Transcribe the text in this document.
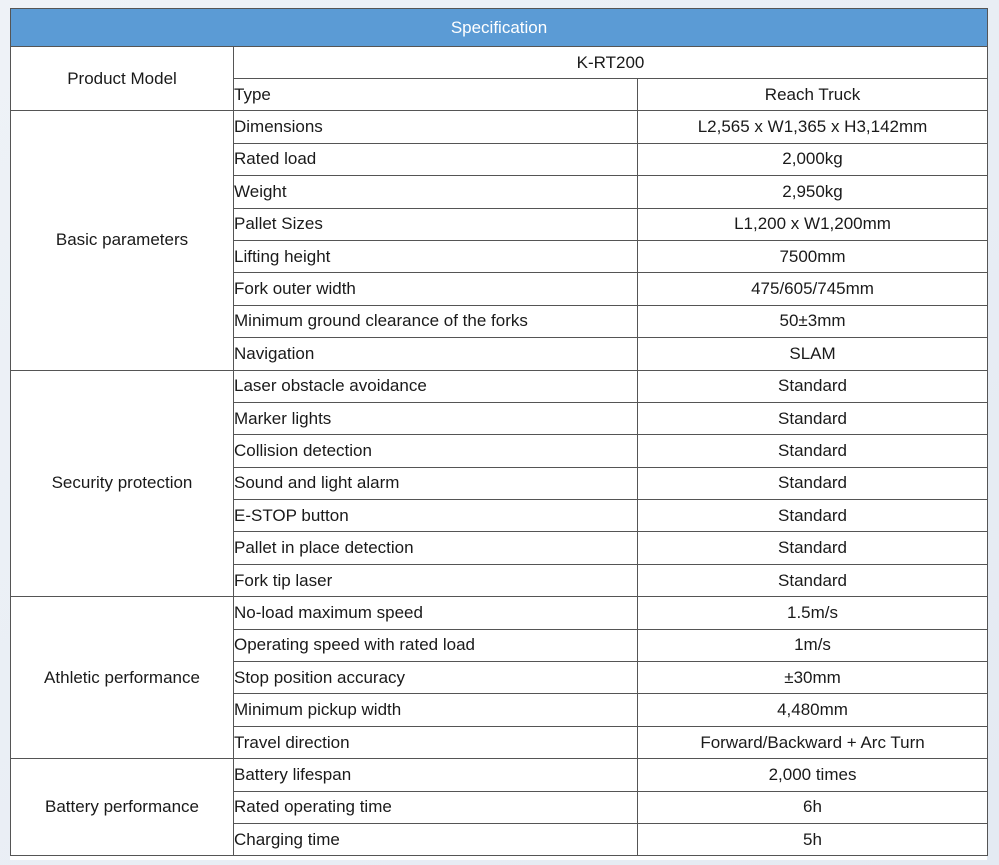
Specification		
Product Model	K-RT200	
	Type	Reach Truck
Basic parameters	Dimensions	L2,565 x W1,365 x H3,142mm
	Rated load	2,000kg
	Weight	2,950kg
	Pallet Sizes	L1,200 x W1,200mm
	Lifting height	7500mm
	Fork outer width	475/605/745mm
	Minimum ground clearance of the forks	50±3mm
	Navigation	SLAM
Security protection	Laser obstacle avoidance	Standard
	Marker lights	Standard
	Collision detection	Standard
	Sound and light alarm	Standard
	E-STOP button	Standard
	Pallet in place detection	Standard
	Fork tip laser	Standard
Athletic performance	No-load maximum speed	1.5m/s
	Operating speed with rated load	1m/s
	Stop position accuracy	±30mm
	Minimum pickup width	4,480mm
	Travel direction	Forward/Backward + Arc Turn
Battery performance	Battery lifespan	2,000 times
	Rated operating time	6h
	Charging time	5h
